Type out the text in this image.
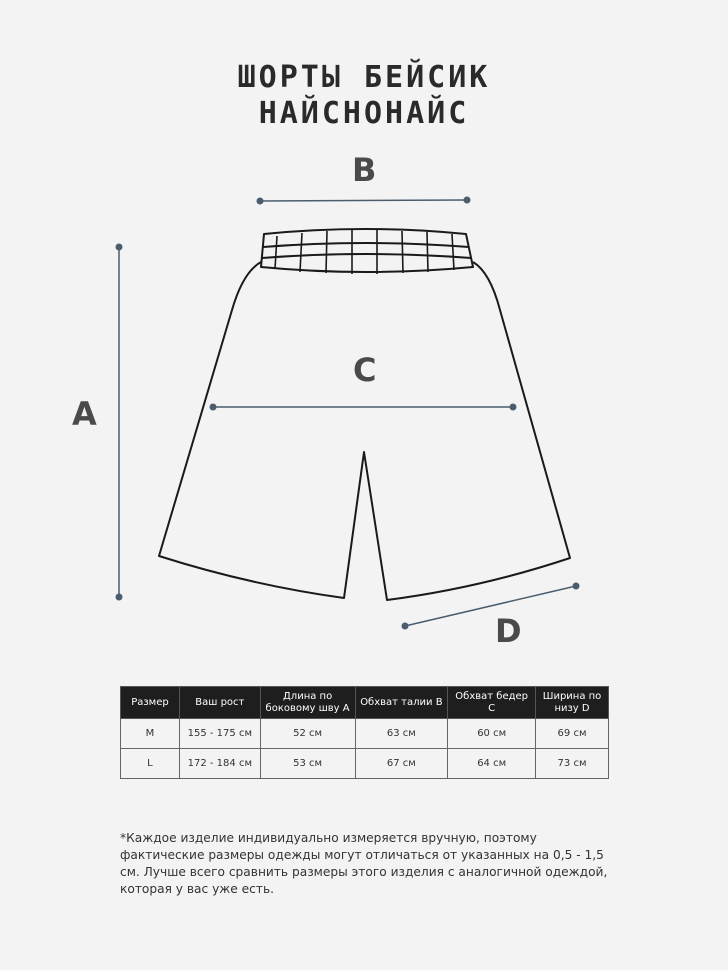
ШОРТЫ БЕЙСИК
НАЙСНОНАЙС
B
A
C
D
Размер	Ваш рост	Длина по боковому шву A	Обхват талии B	Обхват бедер C	Ширина по низу D
M	155 - 175 см	52 см	63 см	60 см	69 см
L	172 - 184 см	53 см	67 см	64 см	73 см
*Каждое изделие индивидуально измеряется вручную, поэтому фактические размеры одежды могут отличаться от указанных на 0,5 - 1,5 см. Лучше всего сравнить размеры этого изделия с аналогичной одеждой, которая у вас уже есть.
